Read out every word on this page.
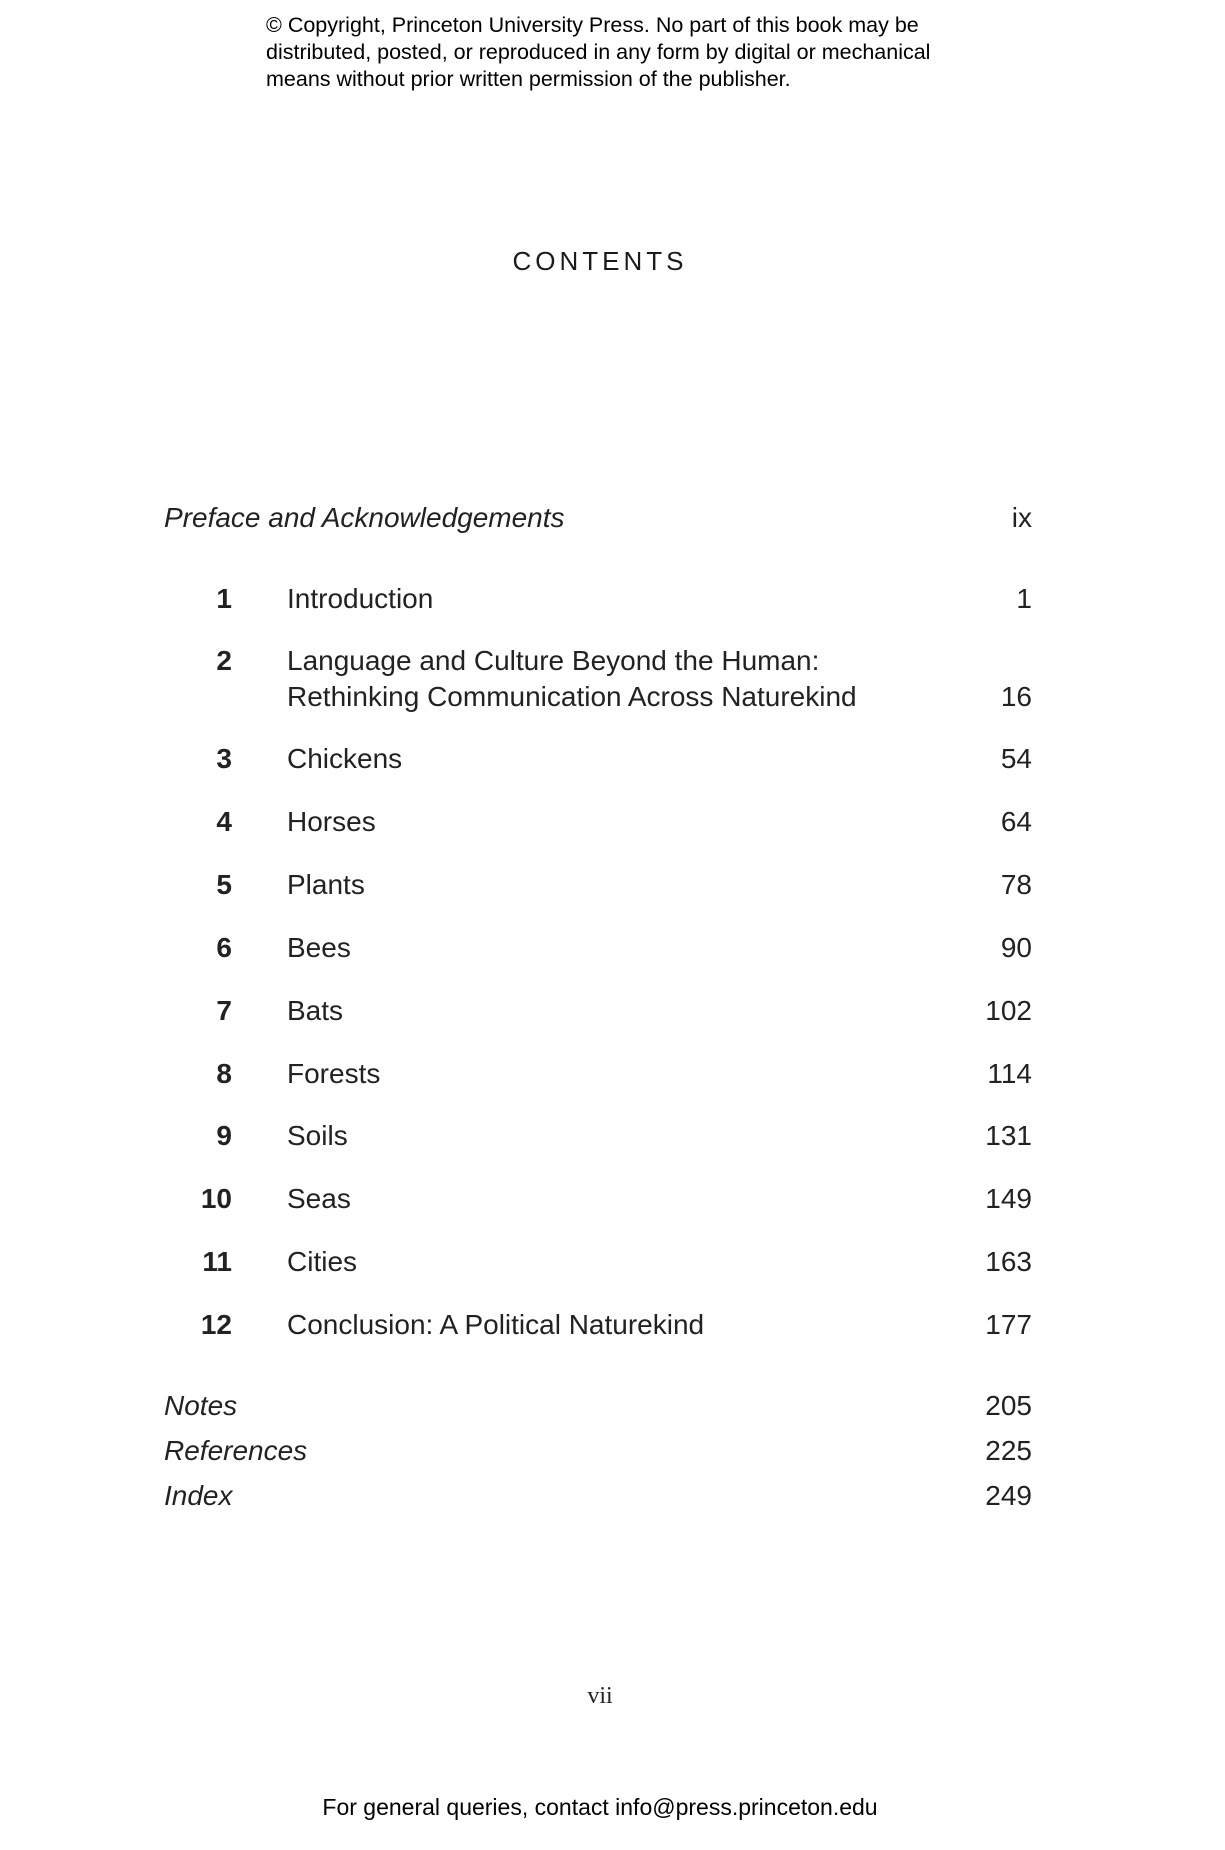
© Copyright, Princeton University Press. No part of this book may be
distributed, posted, or reproduced in any form by digital or mechanical
means without prior written permission of the publisher.
CONTENTS
Preface and Acknowledgements	ix
1 Introduction	1
2 Language and Culture Beyond the Human:
Rethinking Communication Across Naturekind	16
3 Chickens	54
4 Horses	64
5 Plants	78
6 Bees	90
7 Bats	102
8 Forests	114
9 Soils	131
10 Seas	149
11 Cities	163
12 Conclusion: A Political Naturekind	177
Notes	205
References	225
Index	249
vii
For general queries, contact info@press.princeton.edu
